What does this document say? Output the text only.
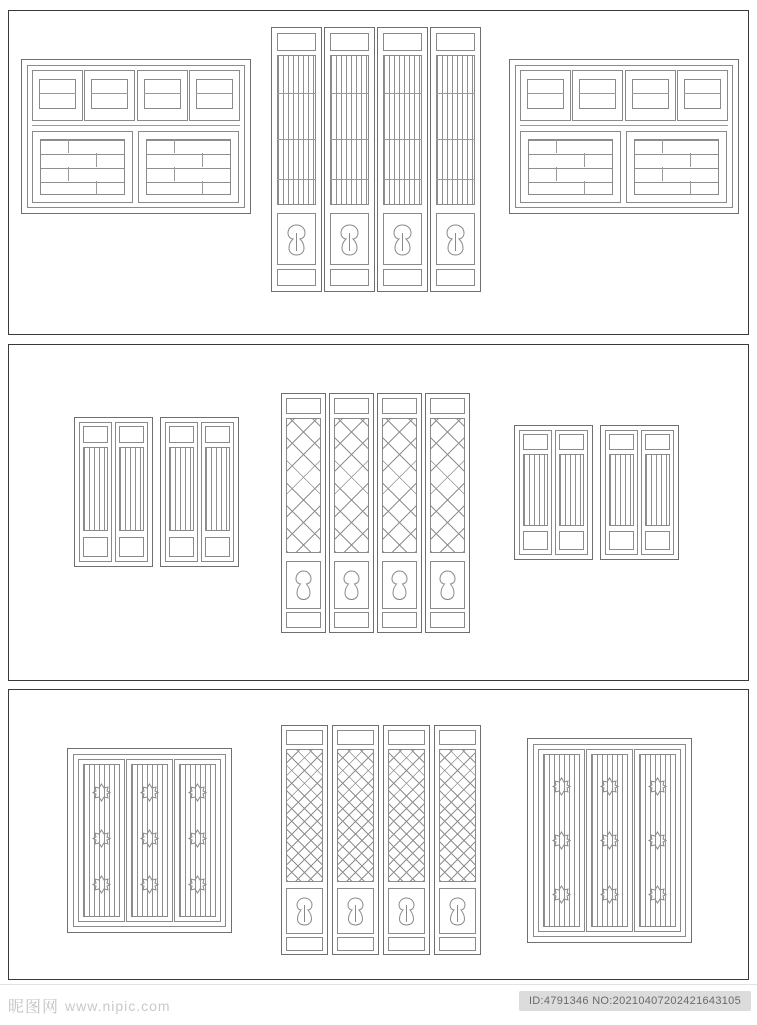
昵图网 www.nipic.com	ID:4791346 NO:20210407202421643105
